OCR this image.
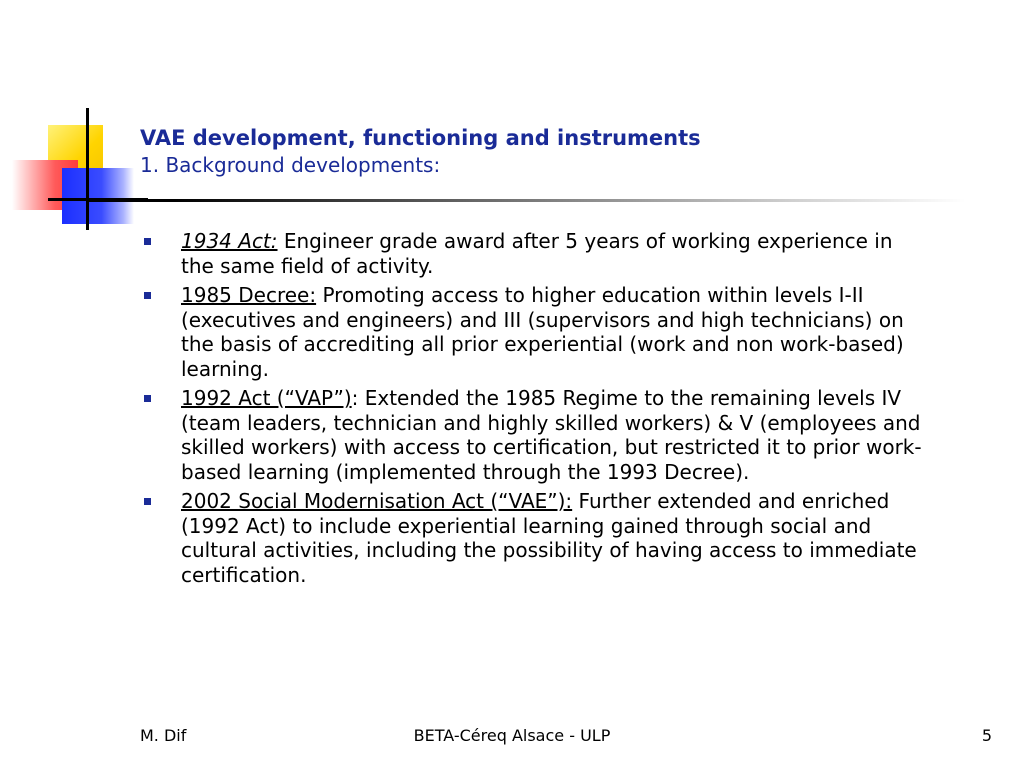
VAE development, functioning and instruments
1. Background developments:
1934 Act: Engineer grade award after 5 years of working experience in the same field of activity.
1985 Decree: Promoting access to higher education within levels I-II (executives and engineers) and III (supervisors and high technicians) on the basis of accrediting all prior experiential (work and non work-based) learning.
1992 Act (“VAP”): Extended the 1985 Regime to the remaining levels IV (team leaders, technician and highly skilled workers) & V (employees and skilled workers) with access to certification, but restricted it to prior work-based learning (implemented through the 1993 Decree).
2002 Social Modernisation Act (“VAE”): Further extended and enriched (1992 Act) to include experiential learning gained through social and cultural activities, including the possibility of having access to immediate certification.
M. Dif	BETA-Céreq Alsace - ULP	5
